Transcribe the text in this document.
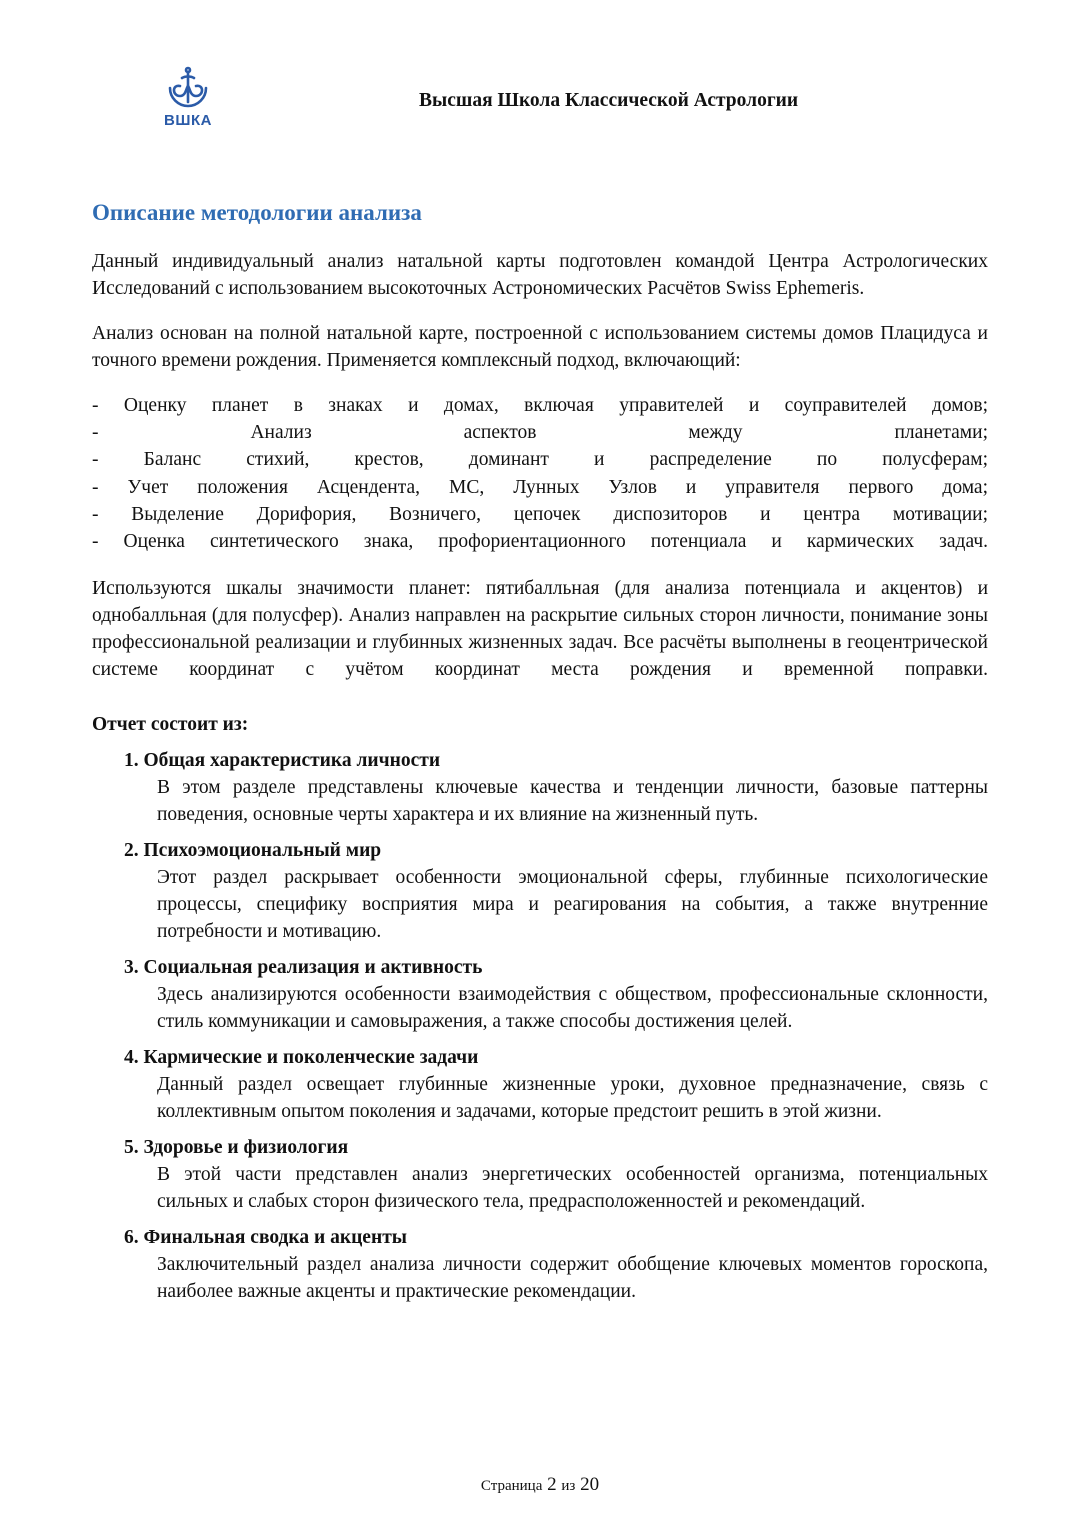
ВШКА
Высшая Школа Классической Астрологии
Описание методологии анализа

Данный индивидуальный анализ натальной карты подготовлен командой Центра Астрологических Исследований с использованием высокоточных Астрономических Расчётов Swiss Ephemeris.

Анализ основан на полной натальной карте, построенной с использованием системы домов Плацидуса и точного времени рождения. Применяется комплексный подход, включающий:

- Оценку планет в знаках и домах, включая управителей и соуправителей домов;
- Анализ аспектов между планетами;
- Баланс стихий, крестов, доминант и распределение по полусферам;
- Учет положения Асцендента, МС, Лунных Узлов и управителя первого дома;
- Выделение Дорифория, Возничего, цепочек диспозиторов и центра мотивации;
- Оценка синтетического знака, профориентационного потенциала и кармических задач.

Используются шкалы значимости планет: пятибалльная (для анализа потенциала и акцентов) и однобалльная (для полусфер). Анализ направлен на раскрытие сильных сторон личности, понимание зоны профессиональной реализации и глубинных жизненных задач. Все расчёты выполнены в геоцентрической системе координат с учётом координат места рождения и временной поправки.

Отчет состоит из:
1. Общая характеристика личности
В этом разделе представлены ключевые качества и тенденции личности, базовые паттерны поведения, основные черты характера и их влияние на жизненный путь.
2. Психоэмоциональный мир
Этот раздел раскрывает особенности эмоциональной сферы, глубинные психологические процессы, специфику восприятия мира и реагирования на события, а также внутренние потребности и мотивацию.
3. Социальная реализация и активность
Здесь анализируются особенности взаимодействия с обществом, профессиональные склонности, стиль коммуникации и самовыражения, а также способы достижения целей.
4. Кармические и поколенческие задачи
Данный раздел освещает глубинные жизненные уроки, духовное предназначение, связь с коллективным опытом поколения и задачами, которые предстоит решить в этой жизни.
5. Здоровье и физиология
В этой части представлен анализ энергетических особенностей организма, потенциальных сильных и слабых сторон физического тела, предрасположенностей и рекомендаций.
6. Финальная сводка и акценты
Заключительный раздел анализа личности содержит обобщение ключевых моментов гороскопа, наиболее важные акценты и практические рекомендации.
Страница 2 из 20
